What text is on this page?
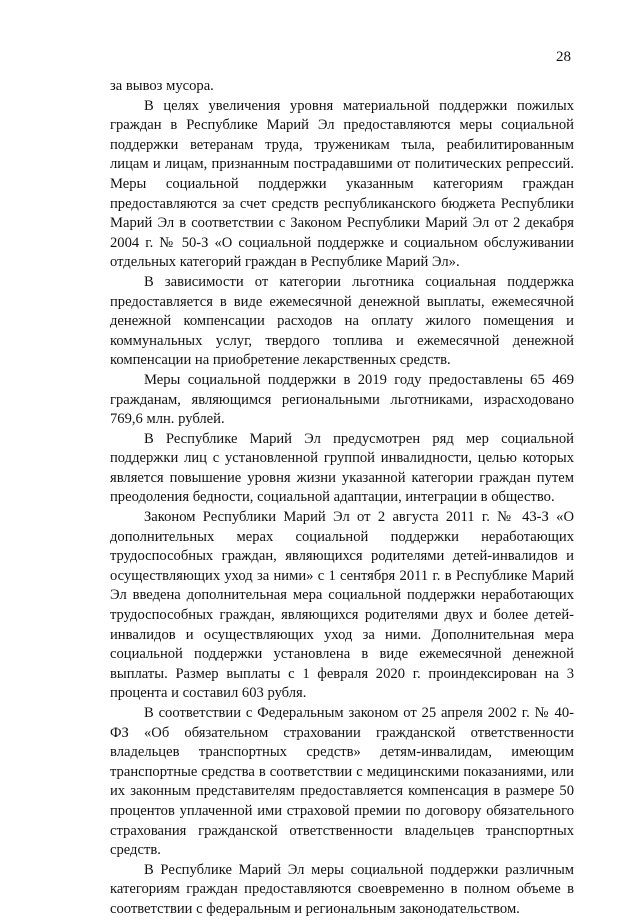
28

за вывоз мусора.

В целях увеличения уровня материальной поддержки пожилых граждан в Республике Марий Эл предоставляются меры социальной поддержки ветеранам труда, труженикам тыла, реабилитированным лицам и лицам, признанным пострадавшими от политических репрессий. Меры социальной поддержки указанным категориям граждан предоставляются за счет средств республиканского бюджета Республики Марий Эл в соответствии с Законом Республики Марий Эл от 2 декабря 2004 г. № 50-З «О социальной поддержке и социальном обслуживании отдельных категорий граждан в Республике Марий Эл».

В зависимости от категории льготника социальная поддержка предоставляется в виде ежемесячной денежной выплаты, ежемесячной денежной компенсации расходов на оплату жилого помещения и коммунальных услуг, твердого топлива и ежемесячной денежной компенсации на приобретение лекарственных средств.

Меры социальной поддержки в 2019 году предоставлены 65 469 гражданам, являющимся региональными льготниками, израсходовано 769,6 млн. рублей.

В Республике Марий Эл предусмотрен ряд мер социальной поддержки лиц с установленной группой инвалидности, целью которых является повышение уровня жизни указанной категории граждан путем преодоления бедности, социальной адаптации, интеграции в общество.

Законом Республики Марий Эл от 2 августа 2011 г. № 43-З «О дополнительных мерах социальной поддержки неработающих трудоспособных граждан, являющихся родителями детей-инвалидов и осуществляющих уход за ними» с 1 сентября 2011 г. в Республике Марий Эл введена дополнительная мера социальной поддержки неработающих трудоспособных граждан, являющихся родителями двух и более детей-инвалидов и осуществляющих уход за ними. Дополнительная мера социальной поддержки установлена в виде ежемесячной денежной выплаты. Размер выплаты с 1 февраля 2020 г. проиндексирован на 3 процента и составил 603 рубля.

В соответствии с Федеральным законом от 25 апреля 2002 г. № 40-ФЗ «Об обязательном страховании гражданской ответственности владельцев транспортных средств» детям-инвалидам, имеющим транспортные средства в соответствии с медицинскими показаниями, или их законным представителям предоставляется компенсация в размере 50 процентов уплаченной ими страховой премии по договору обязательного страхования гражданской ответственности владельцев транспортных средств.

В Республике Марий Эл меры социальной поддержки различным категориям граждан предоставляются своевременно в полном объеме в соответствии с федеральным и региональным законодательством.
